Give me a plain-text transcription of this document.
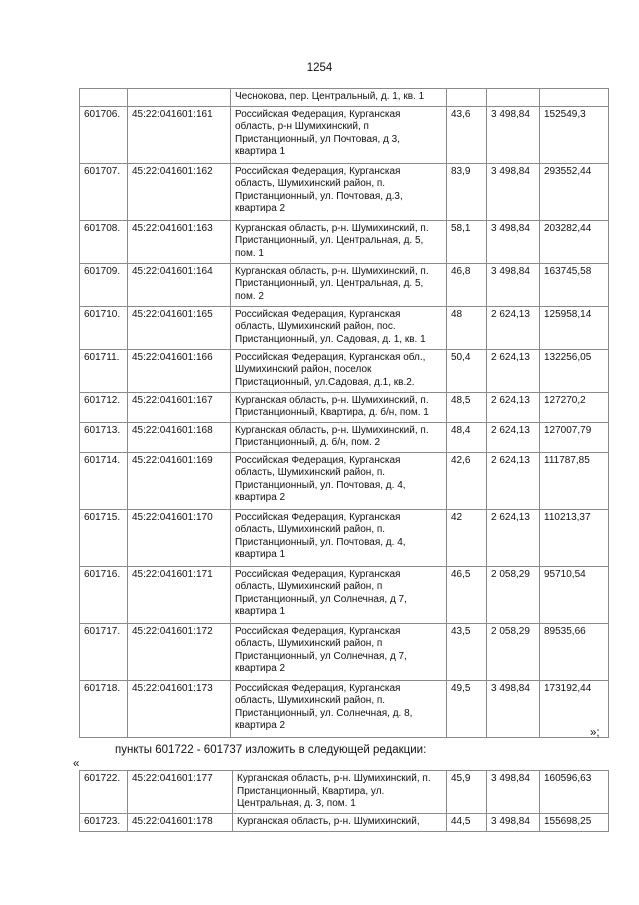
1254
		Чеснокова, пер. Центральный, д. 1, кв. 1			
601706.	45:22:041601:161	Российская Федерация, Курганская область, р-н Шумихинский, п Пристанционный, ул Почтовая, д 3, квартира 1	43,6	3 498,84	152549,3
601707.	45:22:041601:162	Российская Федерация, Курганская область, Шумихинский район, п. Пристанционный, ул. Почтовая, д.3, квартира 2	83,9	3 498,84	293552,44
601708.	45:22:041601:163	Курганская область, р-н. Шумихинский, п. Пристанционный, ул. Центральная, д. 5, пом. 1	58,1	3 498,84	203282,44
601709.	45:22:041601:164	Курганская область, р-н. Шумихинский, п. Пристанционный, ул. Центральная, д. 5, пом. 2	46,8	3 498,84	163745,58
601710.	45:22:041601:165	Российская Федерация, Курганская область, Шумихинский район, пос. Пристанционный, ул. Садовая, д. 1, кв. 1	48	2 624,13	125958,14
601711.	45:22:041601:166	Российская Федерация, Курганская обл., Шумихинский район, поселок Пристационный, ул.Садовая, д.1, кв.2.	50,4	2 624,13	132256,05
601712.	45:22:041601:167	Курганская область, р-н. Шумихинский, п. Пристанционный, Квартира, д. б/н, пом. 1	48,5	2 624,13	127270,2
601713.	45:22:041601:168	Курганская область, р-н. Шумихинский, п. Пристанционный, д. б/н, пом. 2	48,4	2 624,13	127007,79
601714.	45:22:041601:169	Российская Федерация, Курганская область, Шумихинский район, п. Пристанционный, ул. Почтовая, д. 4, квартира 2	42,6	2 624,13	111787,85
601715.	45:22:041601:170	Российская Федерация, Курганская область, Шумихинский район, п. Пристанционный, ул. Почтовая, д. 4, квартира 1	42	2 624,13	110213,37
601716.	45:22:041601:171	Российская Федерация, Курганская область, Шумихинский район, п Пристанционный, ул Солнечная, д 7, квартира 1	46,5	2 058,29	95710,54
601717.	45:22:041601:172	Российская Федерация, Курганская область, Шумихинский район, п Пристанционный, ул Солнечная, д 7, квартира 2	43,5	2 058,29	89535,66
601718.	45:22:041601:173	Российская Федерация, Курганская область, Шумихинский район, п. Пристанционный, ул. Солнечная, д. 8, квартира 2	49,5	3 498,84	173192,44
»;
пункты 601722 - 601737 изложить в следующей редакции:
«
601722.	45:22:041601:177	Курганская область, р-н. Шумихинский, п. Пристанционный, Квартира, ул. Центральная, д. 3, пом. 1	45,9	3 498,84	160596,63
601723.	45:22:041601:178	Курганская область, р-н. Шумихинский,	44,5	3 498,84	155698,25
